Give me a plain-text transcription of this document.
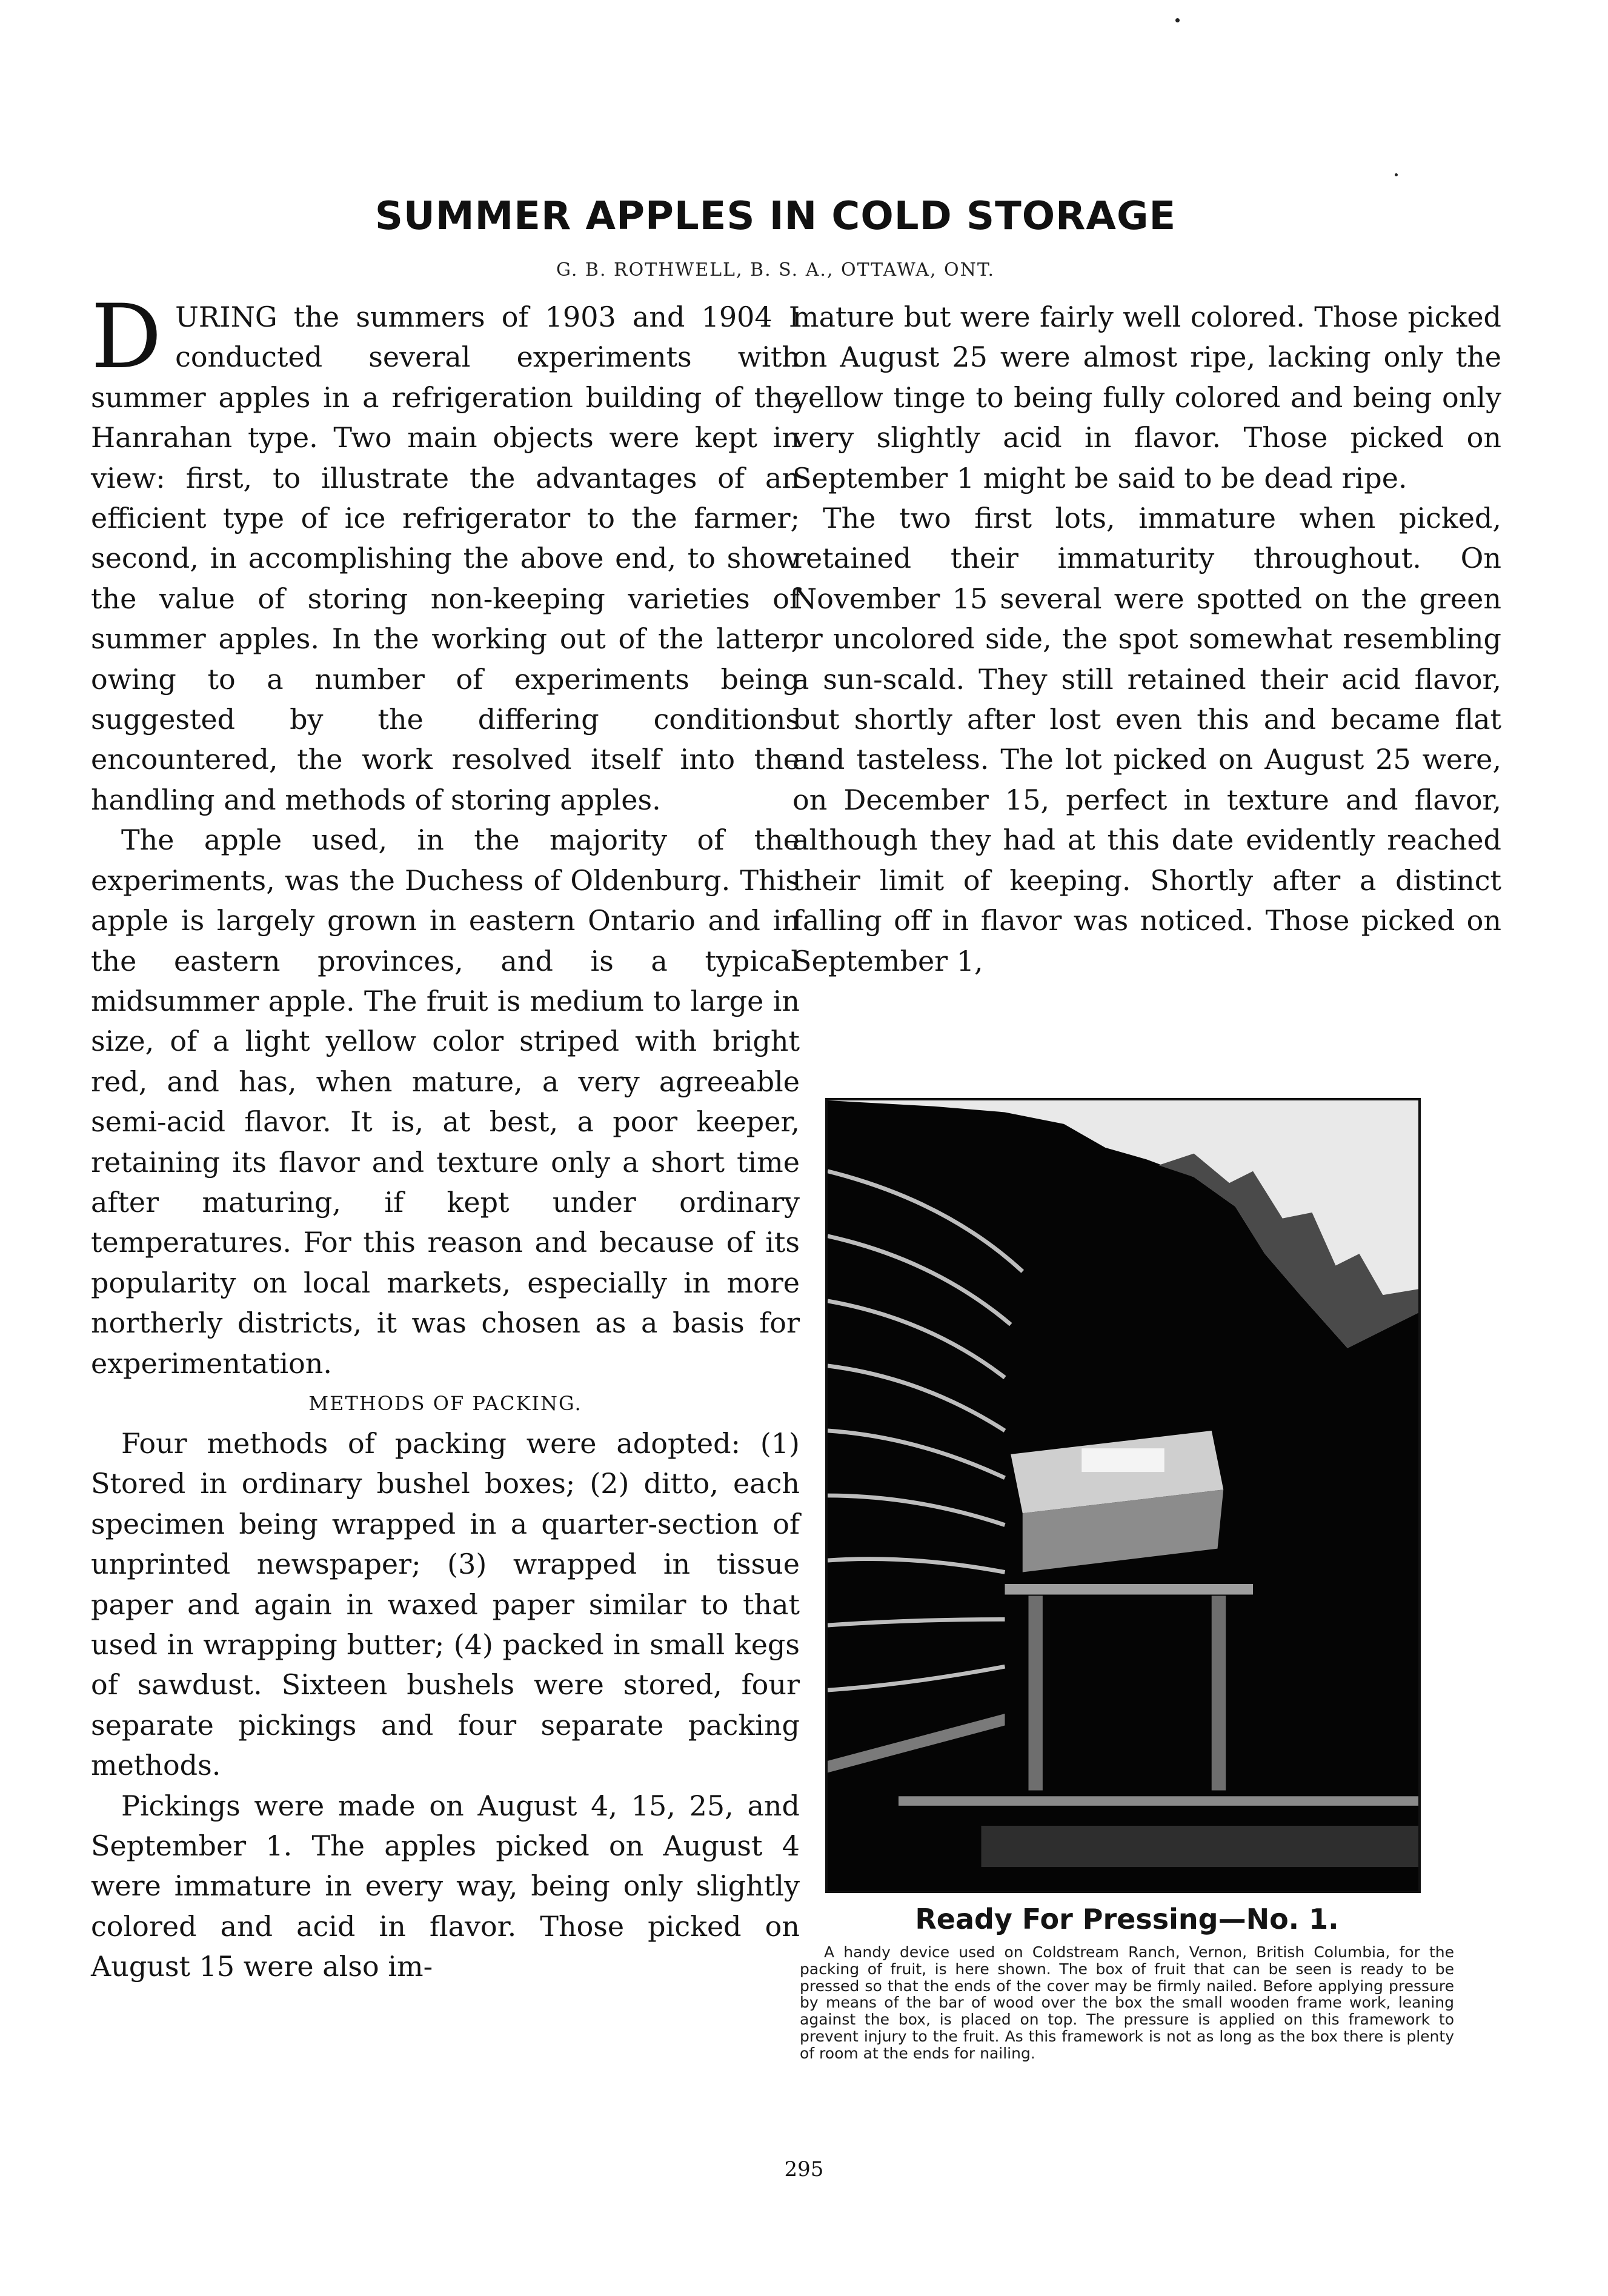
SUMMER APPLES IN COLD STORAGE

G. B. ROTHWELL, B. S. A., OTTAWA, ONT.

DURING the summers of 1903 and 1904 I conducted several experiments with summer apples in a refrigeration building of the Hanrahan type. Two main objects were kept in view: first, to illustrate the advantages of an efficient type of ice refrigerator to the farmer; second, in accomplishing the above end, to show the value of storing non-keeping varieties of summer apples. In the working out of the latter, owing to a number of experiments being suggested by the differing conditions encountered, the work resolved itself into the handling and methods of storing apples.

The apple used, in the majority of the experiments, was the Duchess of Oldenburg. This apple is largely grown in eastern Ontario and in the eastern provinces, and is a typical midsummer apple. The fruit is medium to large in size, of a light yellow color striped with bright red, and has, when mature, a very agreeable semi-acid flavor. It is, at best, a poor keeper, retaining its flavor and texture only a short time after maturing, if kept under ordinary temperatures. For this reason and because of its popularity on local markets, especially in more northerly districts, it was chosen as a basis for experimentation.

METHODS OF PACKING.

Four methods of packing were adopted: (1) Stored in ordinary bushel boxes; (2) ditto, each specimen being wrapped in a quarter-section of unprinted newspaper; (3) wrapped in tissue paper and again in waxed paper similar to that used in wrapping butter; (4) packed in small kegs of sawdust. Sixteen bushels were stored, four separate pickings and four separate packing methods.

Pickings were made on August 4, 15, 25, and September 1. The apples picked on August 4 were immature in every way, being only slightly colored and acid in flavor. Those picked on August 15 were also im-

mature but were fairly well colored. Those picked on August 25 were almost ripe, lacking only the yellow tinge to being fully colored and being only very slightly acid in flavor. Those picked on September 1 might be said to be dead ripe.

The two first lots, immature when picked, retained their immaturity throughout. On November 15 several were spotted on the green or uncolored side, the spot somewhat resembling a sun-scald. They still retained their acid flavor, but shortly after lost even this and became flat and tasteless. The lot picked on August 25 were, on December 15, perfect in texture and flavor, although they had at this date evidently reached their limit of keeping. Shortly after a distinct falling off in flavor was noticed. Those picked on September 1,

Ready For Pressing—No. 1.

A handy device used on Coldstream Ranch, Vernon, British Columbia, for the packing of fruit, is here shown. The box of fruit that can be seen is ready to be pressed so that the ends of the cover may be firmly nailed. Before applying pressure by means of the bar of wood over the box the small wooden frame work, leaning against the box, is placed on top. The pressure is applied on this framework to prevent injury to the fruit. As this framework is not as long as the box there is plenty of room at the ends for nailing.

295
